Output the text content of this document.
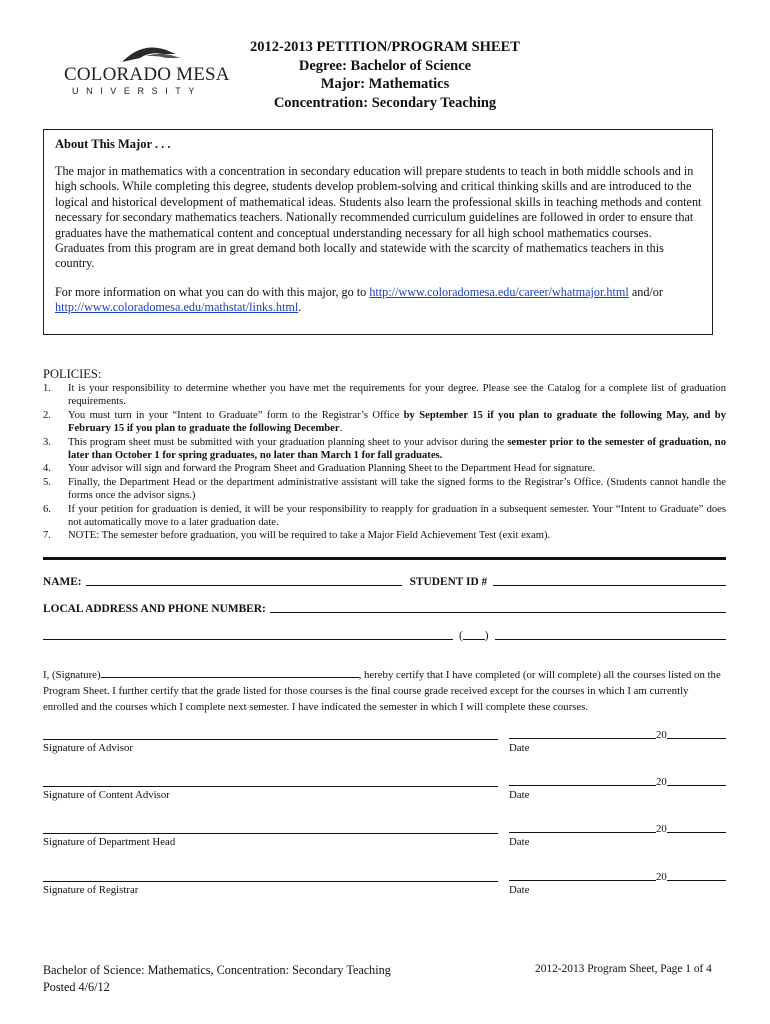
COLORADO MESA
UNIVERSITY
2012-2013 PETITION/PROGRAM SHEET
Degree: Bachelor of Science
Major: Mathematics
Concentration: Secondary Teaching
About This Major . . .
The major in mathematics with a concentration in secondary education will prepare students to teach in both middle schools and in high schools. While completing this degree, students develop problem-solving and critical thinking skills and are introduced to the logical and historical development of mathematical ideas. Students also learn the professional skills in teaching methods and content necessary for secondary mathematics teachers. Nationally recommended curriculum guidelines are followed in order to ensure that graduates have the mathematical content and conceptual understanding necessary for all high school mathematics courses. Graduates from this program are in great demand both locally and statewide with the scarcity of mathematics teachers in this country.
For more information on what you can do with this major, go to http://www.coloradomesa.edu/career/whatmajor.html and/or http://www.coloradomesa.edu/mathstat/links.html.
POLICIES:
1. It is your responsibility to determine whether you have met the requirements for your degree. Please see the Catalog for a complete list of graduation requirements.
2. You must turn in your “Intent to Graduate” form to the Registrar’s Office by September 15 if you plan to graduate the following May, and by February 15 if you plan to graduate the following December.
3. This program sheet must be submitted with your graduation planning sheet to your advisor during the semester prior to the semester of graduation, no later than October 1 for spring graduates, no later than March 1 for fall graduates.
4. Your advisor will sign and forward the Program Sheet and Graduation Planning Sheet to the Department Head for signature.
5. Finally, the Department Head or the department administrative assistant will take the signed forms to the Registrar’s Office. (Students cannot handle the forms once the advisor signs.)
6. If your petition for graduation is denied, it will be your responsibility to reapply for graduation in a subsequent semester. Your “Intent to Graduate” does not automatically move to a later graduation date.
7. NOTE: The semester before graduation, you will be required to take a Major Field Achievement Test (exit exam).
NAME:	STUDENT ID #
LOCAL ADDRESS AND PHONE NUMBER:
( )
I, (Signature)	, hereby certify that I have completed (or will complete) all the courses listed on the Program Sheet. I further certify that the grade listed for those courses is the final course grade received except for the courses in which I am currently enrolled and the courses which I complete next semester. I have indicated the semester in which I will complete these courses.
Signature of Advisor
20
Date
Signature of Content Advisor
20
Date
Signature of Department Head
20
Date
Signature of Registrar
20
Date
Bachelor of Science: Mathematics, Concentration: Secondary Teaching
Posted 4/6/12
2012-2013 Program Sheet, Page 1 of 4
